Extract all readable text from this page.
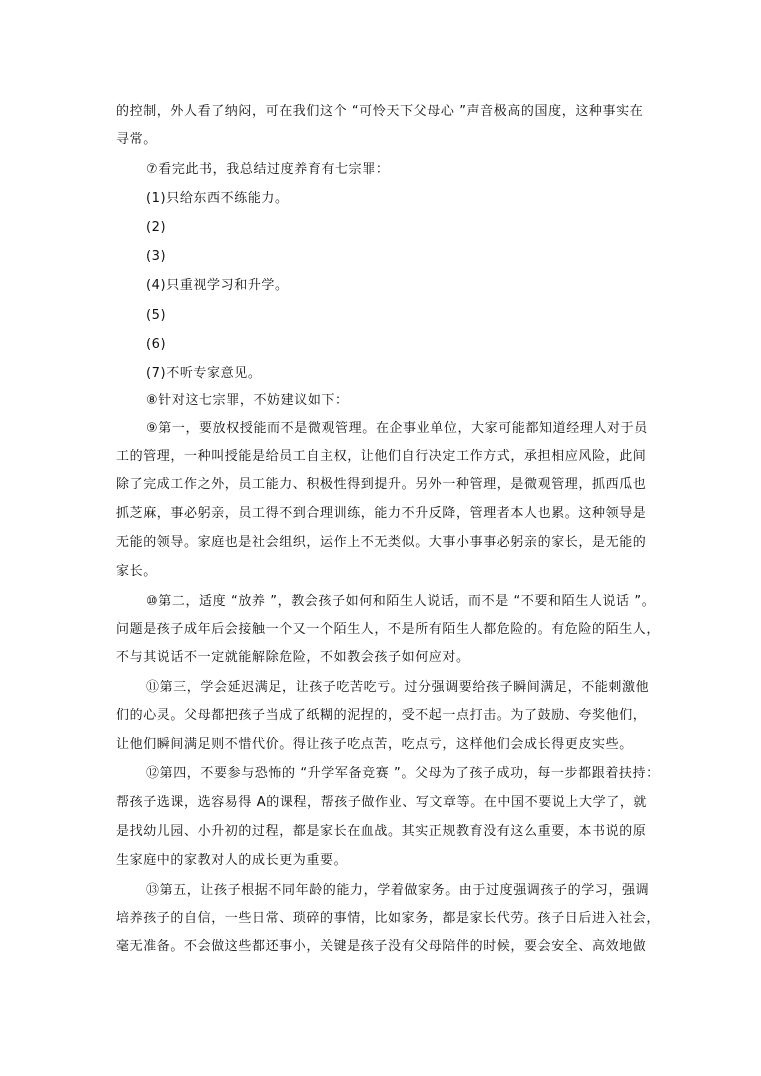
的控制，外人看了纳闷，可在我们这个 “可怜天下父母心 ”声音极高的国度，这种事实在
寻常。
⑦看完此书，我总结过度养育有七宗罪：
(1)只给东西不练能力。
(2)
(3)
(4)只重视学习和升学。
(5)
(6)
(7)不听专家意见。
⑧针对这七宗罪，不妨建议如下：
⑨第一，要放权授能而不是微观管理。在企事业单位，大家可能都知道经理人对于员
工的管理，一种叫授能是给员工自主权，让他们自行决定工作方式，承担相应风险，此间
除了完成工作之外，员工能力、积极性得到提升。另外一种管理，是微观管理，抓西瓜也
抓芝麻，事必躬亲，员工得不到合理训练，能力不升反降，管理者本人也累。这种领导是
无能的领导。家庭也是社会组织，运作上不无类似。大事小事事必躬亲的家长，是无能的
家长。
⑩第二，适度 “放养 ”，教会孩子如何和陌生人说话，而不是 “不要和陌生人说话 ”。
问题是孩子成年后会接触一个又一个陌生人，不是所有陌生人都危险的。有危险的陌生人，
不与其说话不一定就能解除危险，不如教会孩子如何应对。
⑪第三，学会延迟满足，让孩子吃苦吃亏。过分强调要给孩子瞬间满足，不能刺激他
们的心灵。父母都把孩子当成了纸糊的泥捏的，受不起一点打击。为了鼓励、夸奖他们，
让他们瞬间满足则不惜代价。得让孩子吃点苦，吃点亏，这样他们会成长得更皮实些。
⑫第四，不要参与恐怖的 “升学军备竞赛 ”。父母为了孩子成功，每一步都跟着扶持：
帮孩子选课，选容易得 A的课程，帮孩子做作业、写文章等。在中国不要说上大学了，就
是找幼儿园、小升初的过程，都是家长在血战。其实正规教育没有这么重要，本书说的原
生家庭中的家教对人的成长更为重要。
⑬第五，让孩子根据不同年龄的能力，学着做家务。由于过度强调孩子的学习，强调
培养孩子的自信，一些日常、琐碎的事情，比如家务，都是家长代劳。孩子日后进入社会，
毫无准备。不会做这些都还事小，关键是孩子没有父母陪伴的时候，要会安全、高效地做
